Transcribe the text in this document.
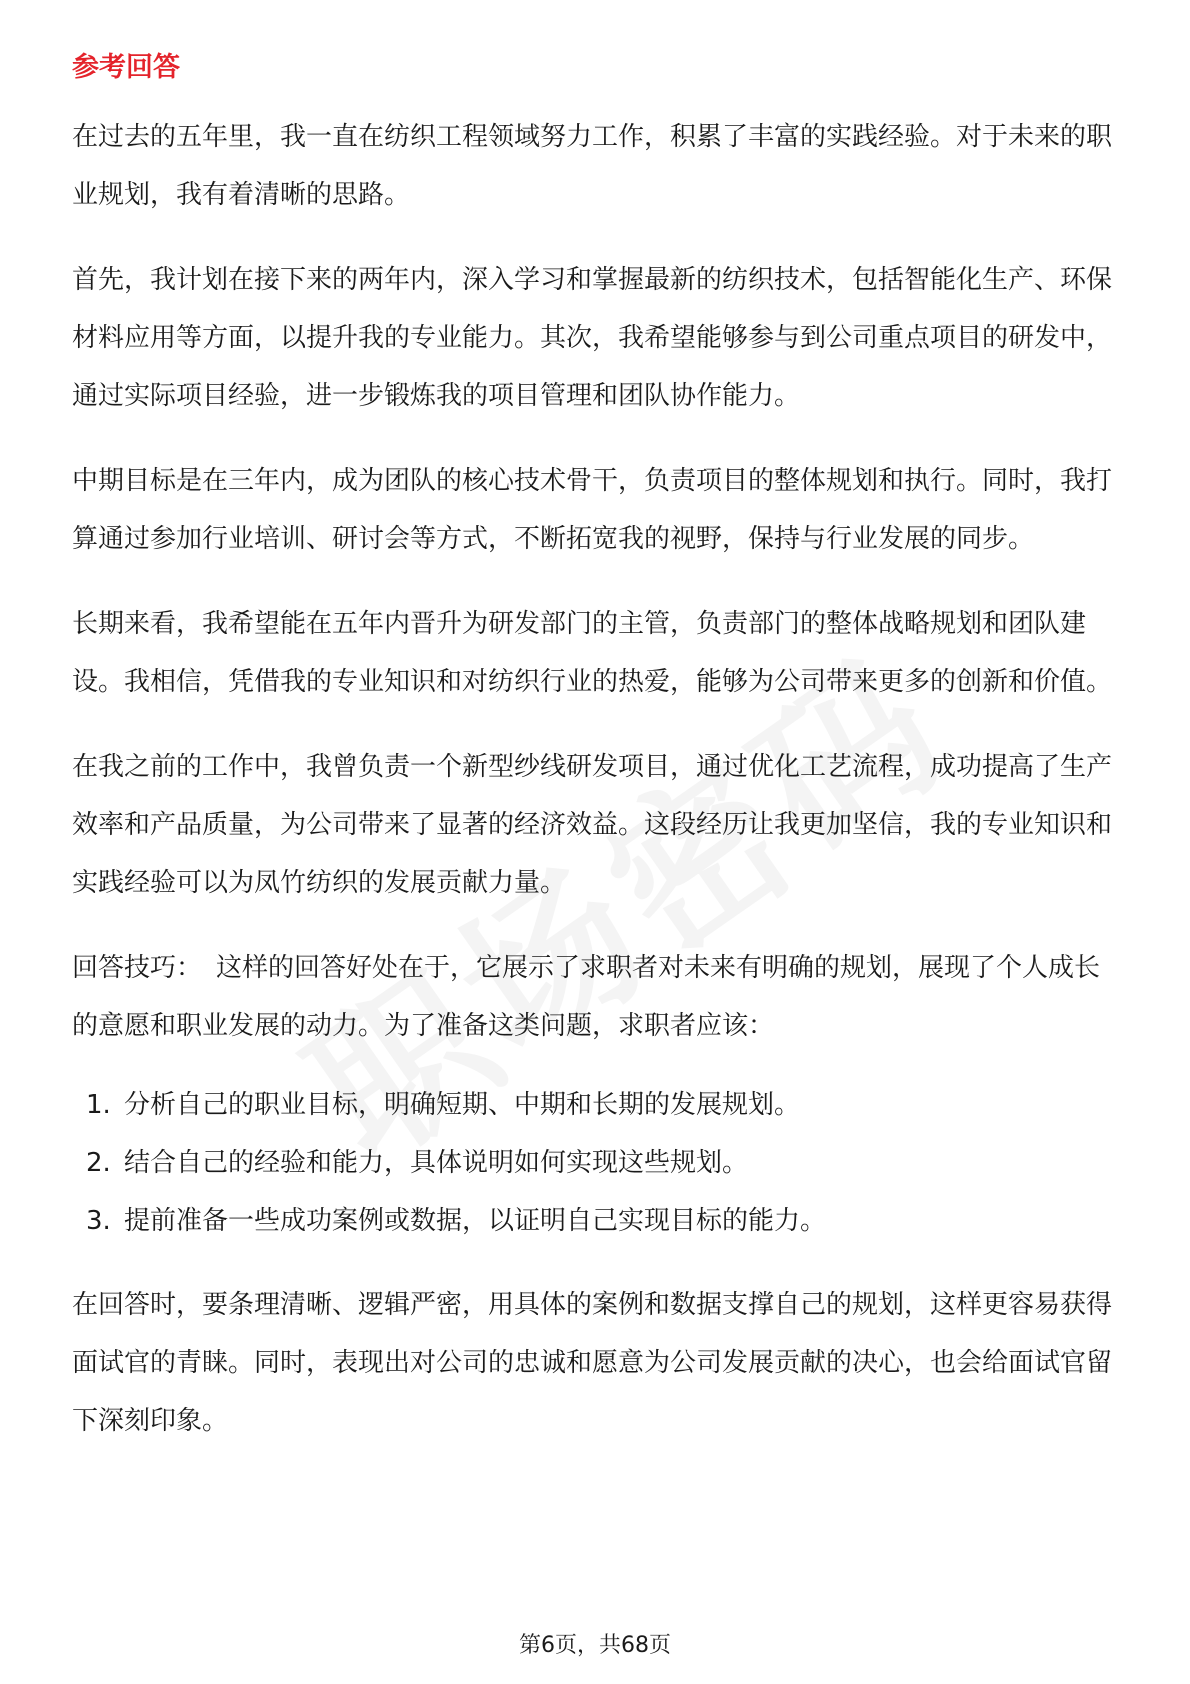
参考回答

在过去的五年里，我一直在纺织工程领域努力工作，积累了丰富的实践经验。对于未来的职业规划，我有着清晰的思路。

首先，我计划在接下来的两年内，深入学习和掌握最新的纺织技术，包括智能化生产、环保材料应用等方面，以提升我的专业能力。其次，我希望能够参与到公司重点项目的研发中，通过实际项目经验，进一步锻炼我的项目管理和团队协作能力。

中期目标是在三年内，成为团队的核心技术骨干，负责项目的整体规划和执行。同时，我打算通过参加行业培训、研讨会等方式，不断拓宽我的视野，保持与行业发展的同步。

长期来看，我希望能在五年内晋升为研发部门的主管，负责部门的整体战略规划和团队建设。我相信，凭借我的专业知识和对纺织行业的热爱，能够为公司带来更多的创新和价值。

在我之前的工作中，我曾负责一个新型纱线研发项目，通过优化工艺流程，成功提高了生产效率和产品质量，为公司带来了显著的经济效益。这段经历让我更加坚信，我的专业知识和实践经验可以为凤竹纺织的发展贡献力量。

回答技巧： 这样的回答好处在于，它展示了求职者对未来有明确的规划，展现了个人成长的意愿和职业发展的动力。为了准备这类问题，求职者应该：

1. 分析自己的职业目标，明确短期、中期和长期的发展规划。
2. 结合自己的经验和能力，具体说明如何实现这些规划。
3. 提前准备一些成功案例或数据，以证明自己实现目标的能力。

在回答时，要条理清晰、逻辑严密，用具体的案例和数据支撑自己的规划，这样更容易获得面试官的青睐。同时，表现出对公司的忠诚和愿意为公司发展贡献的决心，也会给面试官留下深刻印象。

第6页，共68页
